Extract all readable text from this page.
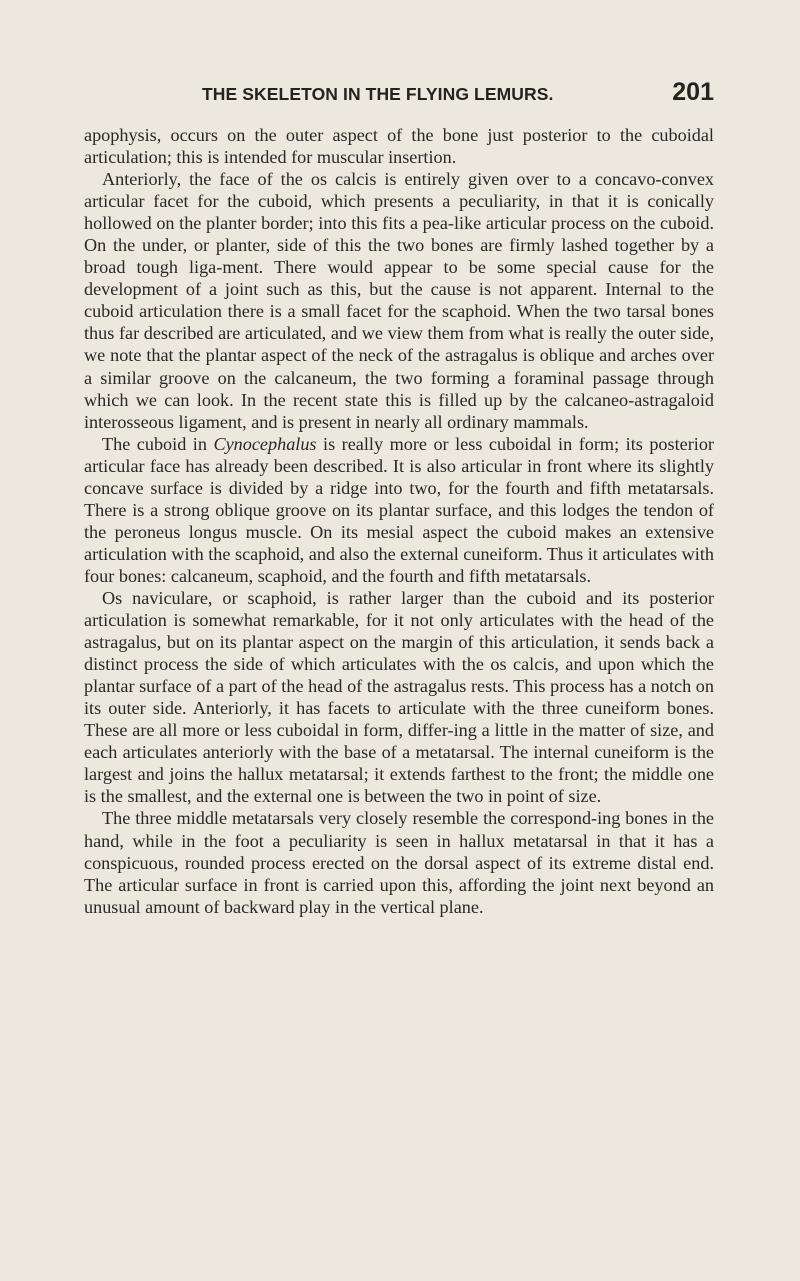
THE SKELETON IN THE FLYING LEMURS.	201

apophysis, occurs on the outer aspect of the bone just posterior to the cuboidal articulation; this is intended for muscular insertion.

Anteriorly, the face of the os calcis is entirely given over to a concavo-convex articular facet for the cuboid, which presents a peculiarity, in that it is conically hollowed on the planter border; into this fits a pea-like articular process on the cuboid. On the under, or planter, side of this the two bones are firmly lashed together by a broad tough liga-ment. There would appear to be some special cause for the development of a joint such as this, but the cause is not apparent. Internal to the cuboid articulation there is a small facet for the scaphoid. When the two tarsal bones thus far described are articulated, and we view them from what is really the outer side, we note that the plantar aspect of the neck of the astragalus is oblique and arches over a similar groove on the calcaneum, the two forming a foraminal passage through which we can look. In the recent state this is filled up by the calcaneo-astragaloid interosseous ligament, and is present in nearly all ordinary mammals.

The cuboid in Cynocephalus is really more or less cuboidal in form; its posterior articular face has already been described. It is also articular in front where its slightly concave surface is divided by a ridge into two, for the fourth and fifth metatarsals. There is a strong oblique groove on its plantar surface, and this lodges the tendon of the peroneus longus muscle. On its mesial aspect the cuboid makes an extensive articulation with the scaphoid, and also the external cuneiform. Thus it articulates with four bones: calcaneum, scaphoid, and the fourth and fifth metatarsals.

Os naviculare, or scaphoid, is rather larger than the cuboid and its posterior articulation is somewhat remarkable, for it not only articulates with the head of the astragalus, but on its plantar aspect on the margin of this articulation, it sends back a distinct process the side of which articulates with the os calcis, and upon which the plantar surface of a part of the head of the astragalus rests. This process has a notch on its outer side. Anteriorly, it has facets to articulate with the three cuneiform bones. These are all more or less cuboidal in form, differ-ing a little in the matter of size, and each articulates anteriorly with the base of a metatarsal. The internal cuneiform is the largest and joins the hallux metatarsal; it extends farthest to the front; the middle one is the smallest, and the external one is between the two in point of size.

The three middle metatarsals very closely resemble the correspond-ing bones in the hand, while in the foot a peculiarity is seen in hallux metatarsal in that it has a conspicuous, rounded process erected on the dorsal aspect of its extreme distal end. The articular surface in front is carried upon this, affording the joint next beyond an unusual amount of backward play in the vertical plane.
